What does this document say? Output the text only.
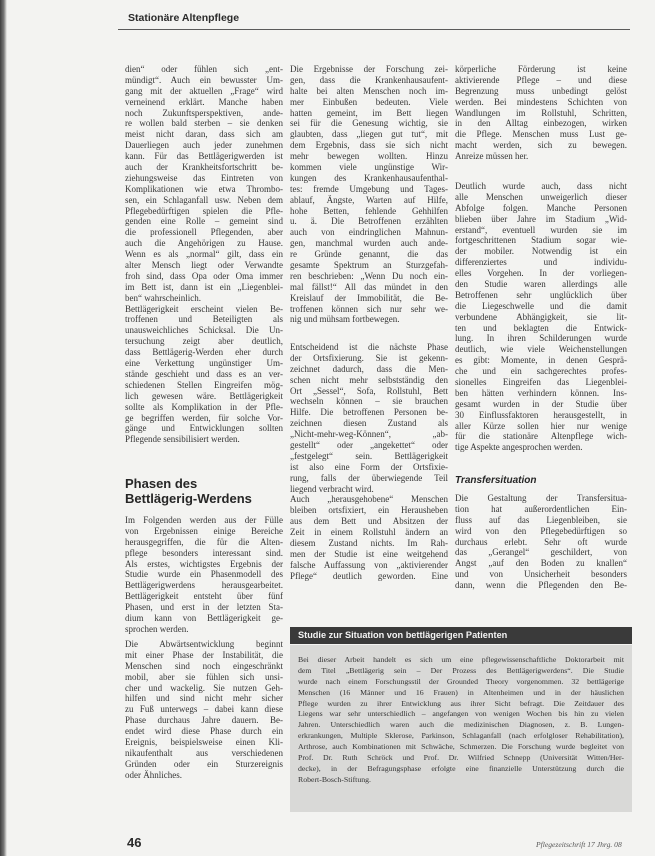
Stationäre Altenpflege
dien“ oder fühlen sich „ent-
mündigt“. Auch ein bewusster Um-
gang mit der aktuellen „Frage“ wird
verneinend erklärt. Manche haben
noch Zukunftsperspektiven, ande-
re wollen bald sterben – sie denken
meist nicht daran, dass sich am
Dauerliegen auch jeder zunehmen
kann. Für das Bettlägerigwerden ist
auch der Krankheitsfortschritt be-
ziehungsweise das Eintreten von
Komplikationen wie etwa Thrombo-
sen, ein Schlaganfall usw. Neben dem
Pflegebedürftigen spielen die Pfle-
genden eine Rolle – gemeint sind
die professionell Pflegenden, aber
auch die Angehörigen zu Hause.
Wenn es als „normal“ gilt, dass ein
alter Mensch liegt oder Verwandte
froh sind, dass Opa oder Oma immer
im Bett ist, dann ist ein „Liegenblei-
ben“ wahrscheinlich.
Bettlägerigkeit erscheint vielen Be-
troffenen und Beteiligten als
unausweichliches Schicksal. Die Un-
tersuchung zeigt aber deutlich,
dass Bettlägerig-Werden eher durch
eine Verkettung ungünstiger Um-
stände geschieht und dass es an ver-
schiedenen Stellen Eingreifen mög-
lich gewesen wäre. Bettlägerigkeit
sollte als Komplikation in der Pfle-
ge begriffen werden, für solche Vor-
gänge und Entwicklungen sollten
Pflegende sensibilisiert werden.
Phasen des
Bettlägerig-Werdens
Im Folgenden werden aus der Fülle
von Ergebnissen einige Bereiche
herausgegriffen, die für die Alten-
pflege besonders interessant sind.
Als erstes, wichtigstes Ergebnis der
Studie wurde ein Phasenmodell des
Bettlägerigwerdens herausgearbeitet.
Bettlägerigkeit entsteht über fünf
Phasen, und erst in der letzten Sta-
dium kann von Bettlägerigkeit ge-
sprochen werden.
Die Abwärtsentwicklung beginnt
mit einer Phase der Instabilität, die
Menschen sind noch eingeschränkt
mobil, aber sie fühlen sich unsi-
cher und wackelig. Sie nutzen Geh-
hilfen und sind nicht mehr sicher
zu Fuß unterwegs – dabei kann diese
Phase durchaus Jahre dauern. Be-
endet wird diese Phase durch ein
Ereignis, beispielsweise einen Kli-
nikaufenthalt aus verschiedenen
Gründen oder ein Sturzereignis
oder Ähnliches.
Die Ergebnisse der Forschung zei-
gen, dass die Krankenhausaufent-
halte bei alten Menschen noch im-
mer Einbußen bedeuten. Viele
hatten gemeint, im Bett liegen
sei für die Genesung wichtig, sie
glaubten, dass „liegen gut tut“, mit
dem Ergebnis, dass sie sich nicht
mehr bewegen wollten. Hinzu
kommen viele ungünstige Wir-
kungen des Krankenhausaufenthal-
tes: fremde Umgebung und Tages-
ablauf, Ängste, Warten auf Hilfe,
hohe Betten, fehlende Gehhilfen
u. ä. Die Betroffenen erzählten
auch von eindringlichen Mahnun-
gen, manchmal wurden auch ande-
re Gründe genannt, die das
gesamte Spektrum an Sturzgefah-
ren beschrieben: „Wenn Du noch ein-
mal fällst!“ All das mündet in den
Kreislauf der Immobilität, die Be-
troffenen können sich nur sehr we-
nig und mühsam fortbewegen.
Entscheidend ist die nächste Phase
der Ortsfixierung. Sie ist gekenn-
zeichnet dadurch, dass die Men-
schen nicht mehr selbstständig den
Ort „Sessel“, Sofa, Rollstuhl, Bett
wechseln können – sie brauchen
Hilfe. Die betroffenen Personen be-
zeichnen diesen Zustand als
„Nicht-mehr-weg-Können“, „ab-
gestellt“ oder „angekettet“ oder
„festgelegt“ sein. Bettlägerigkeit
ist also eine Form der Ortsfixie-
rung, falls der überwiegende Teil
liegend verbracht wird.
Auch „herausgehobene“ Menschen
bleiben ortsfixiert, ein Herausheben
aus dem Bett und Absitzen der
Zeit in einem Rollstuhl ändern an
diesem Zustand nichts. Im Rah-
men der Studie ist eine weitgehend
falsche Auffassung von „aktivierender
Pflege“ deutlich geworden. Eine
körperliche Förderung ist keine
aktivierende Pflege – und diese
Begrenzung muss unbedingt gelöst
werden. Bei mindestens Schichten von
Wandlungen im Rollstuhl, Schritten,
in den Alltag einbezogen, wirken
die Pflege. Menschen muss Lust ge-
macht werden, sich zu bewegen.
Anreize müssen her.
Deutlich wurde auch, dass nicht
alle Menschen unweigerlich dieser
Abfolge folgen. Manche Personen
blieben über Jahre im Stadium „Wid-
erstand“, eventuell wurden sie im
fortgeschrittenen Stadium sogar wie-
der mobiler. Notwendig ist ein
differenziertes und individu-
elles Vorgehen. In der vorliegen-
den Studie waren allerdings alle
Betroffenen sehr unglücklich über
die Liegeschwelle und die damit
verbundene Abhängigkeit, sie lit-
ten und beklagten die Entwick-
lung. In ihren Schilderungen wurde
deutlich, wie viele Weichenstellungen
es gibt: Momente, in denen Gesprä-
che und ein sachgerechtes profes-
sionelles Eingreifen das Liegenblei-
ben hätten verhindern können. Ins-
gesamt wurden in der Studie über
30 Einflussfaktoren herausgestellt, in
aller Kürze sollen hier nur wenige
für die stationäre Altenpflege wich-
tige Aspekte angesprochen werden.
Transfersituation
Die Gestaltung der Transfersitua-
tion hat außerordentlichen Ein-
fluss auf das Liegenbleiben, sie
wird von den Pflegebedürftigen so
durchaus erlebt. Sehr oft wurde
das „Gerangel“ geschildert, von
Angst „auf den Boden zu knallen“
und von Unsicherheit besonders
dann, wenn die Pflegenden den Be-
Studie zur Situation von bettlägerigen Patienten
Bei dieser Arbeit handelt es sich um eine pflegewissenschaftliche Doktorarbeit mit
dem Titel „Bettlägerig sein – Der Prozess des Bettlägerigwerdens“. Die Studie
wurde nach einem Forschungsstil der Grounded Theory vorgenommen. 32 bettlägerige
Menschen (16 Männer und 16 Frauen) in Altenheimen und in der häuslichen
Pflege wurden zu ihrer Entwicklung aus ihrer Sicht befragt. Die Zeitdauer des
Liegens war sehr unterschiedlich – angefangen von wenigen Wochen bis hin zu vielen
Jahren. Unterschiedlich waren auch die medizinischen Diagnosen, z. B. Lungen-
erkrankungen, Multiple Sklerose, Parkinson, Schlaganfall (nach erfolgloser Rehabilitation),
Arthrose, auch Kombinationen mit Schwäche, Schmerzen. Die Forschung wurde begleitet von
Prof. Dr. Ruth Schröck und Prof. Dr. Wilfried Schnepp (Universität Witten/Her-
decke), in der Befragungsphase erfolgte eine finanzielle Unterstützung durch die
Robert-Bosch-Stiftung.
46	Pflegezeitschrift 17 Jhrg. 08
